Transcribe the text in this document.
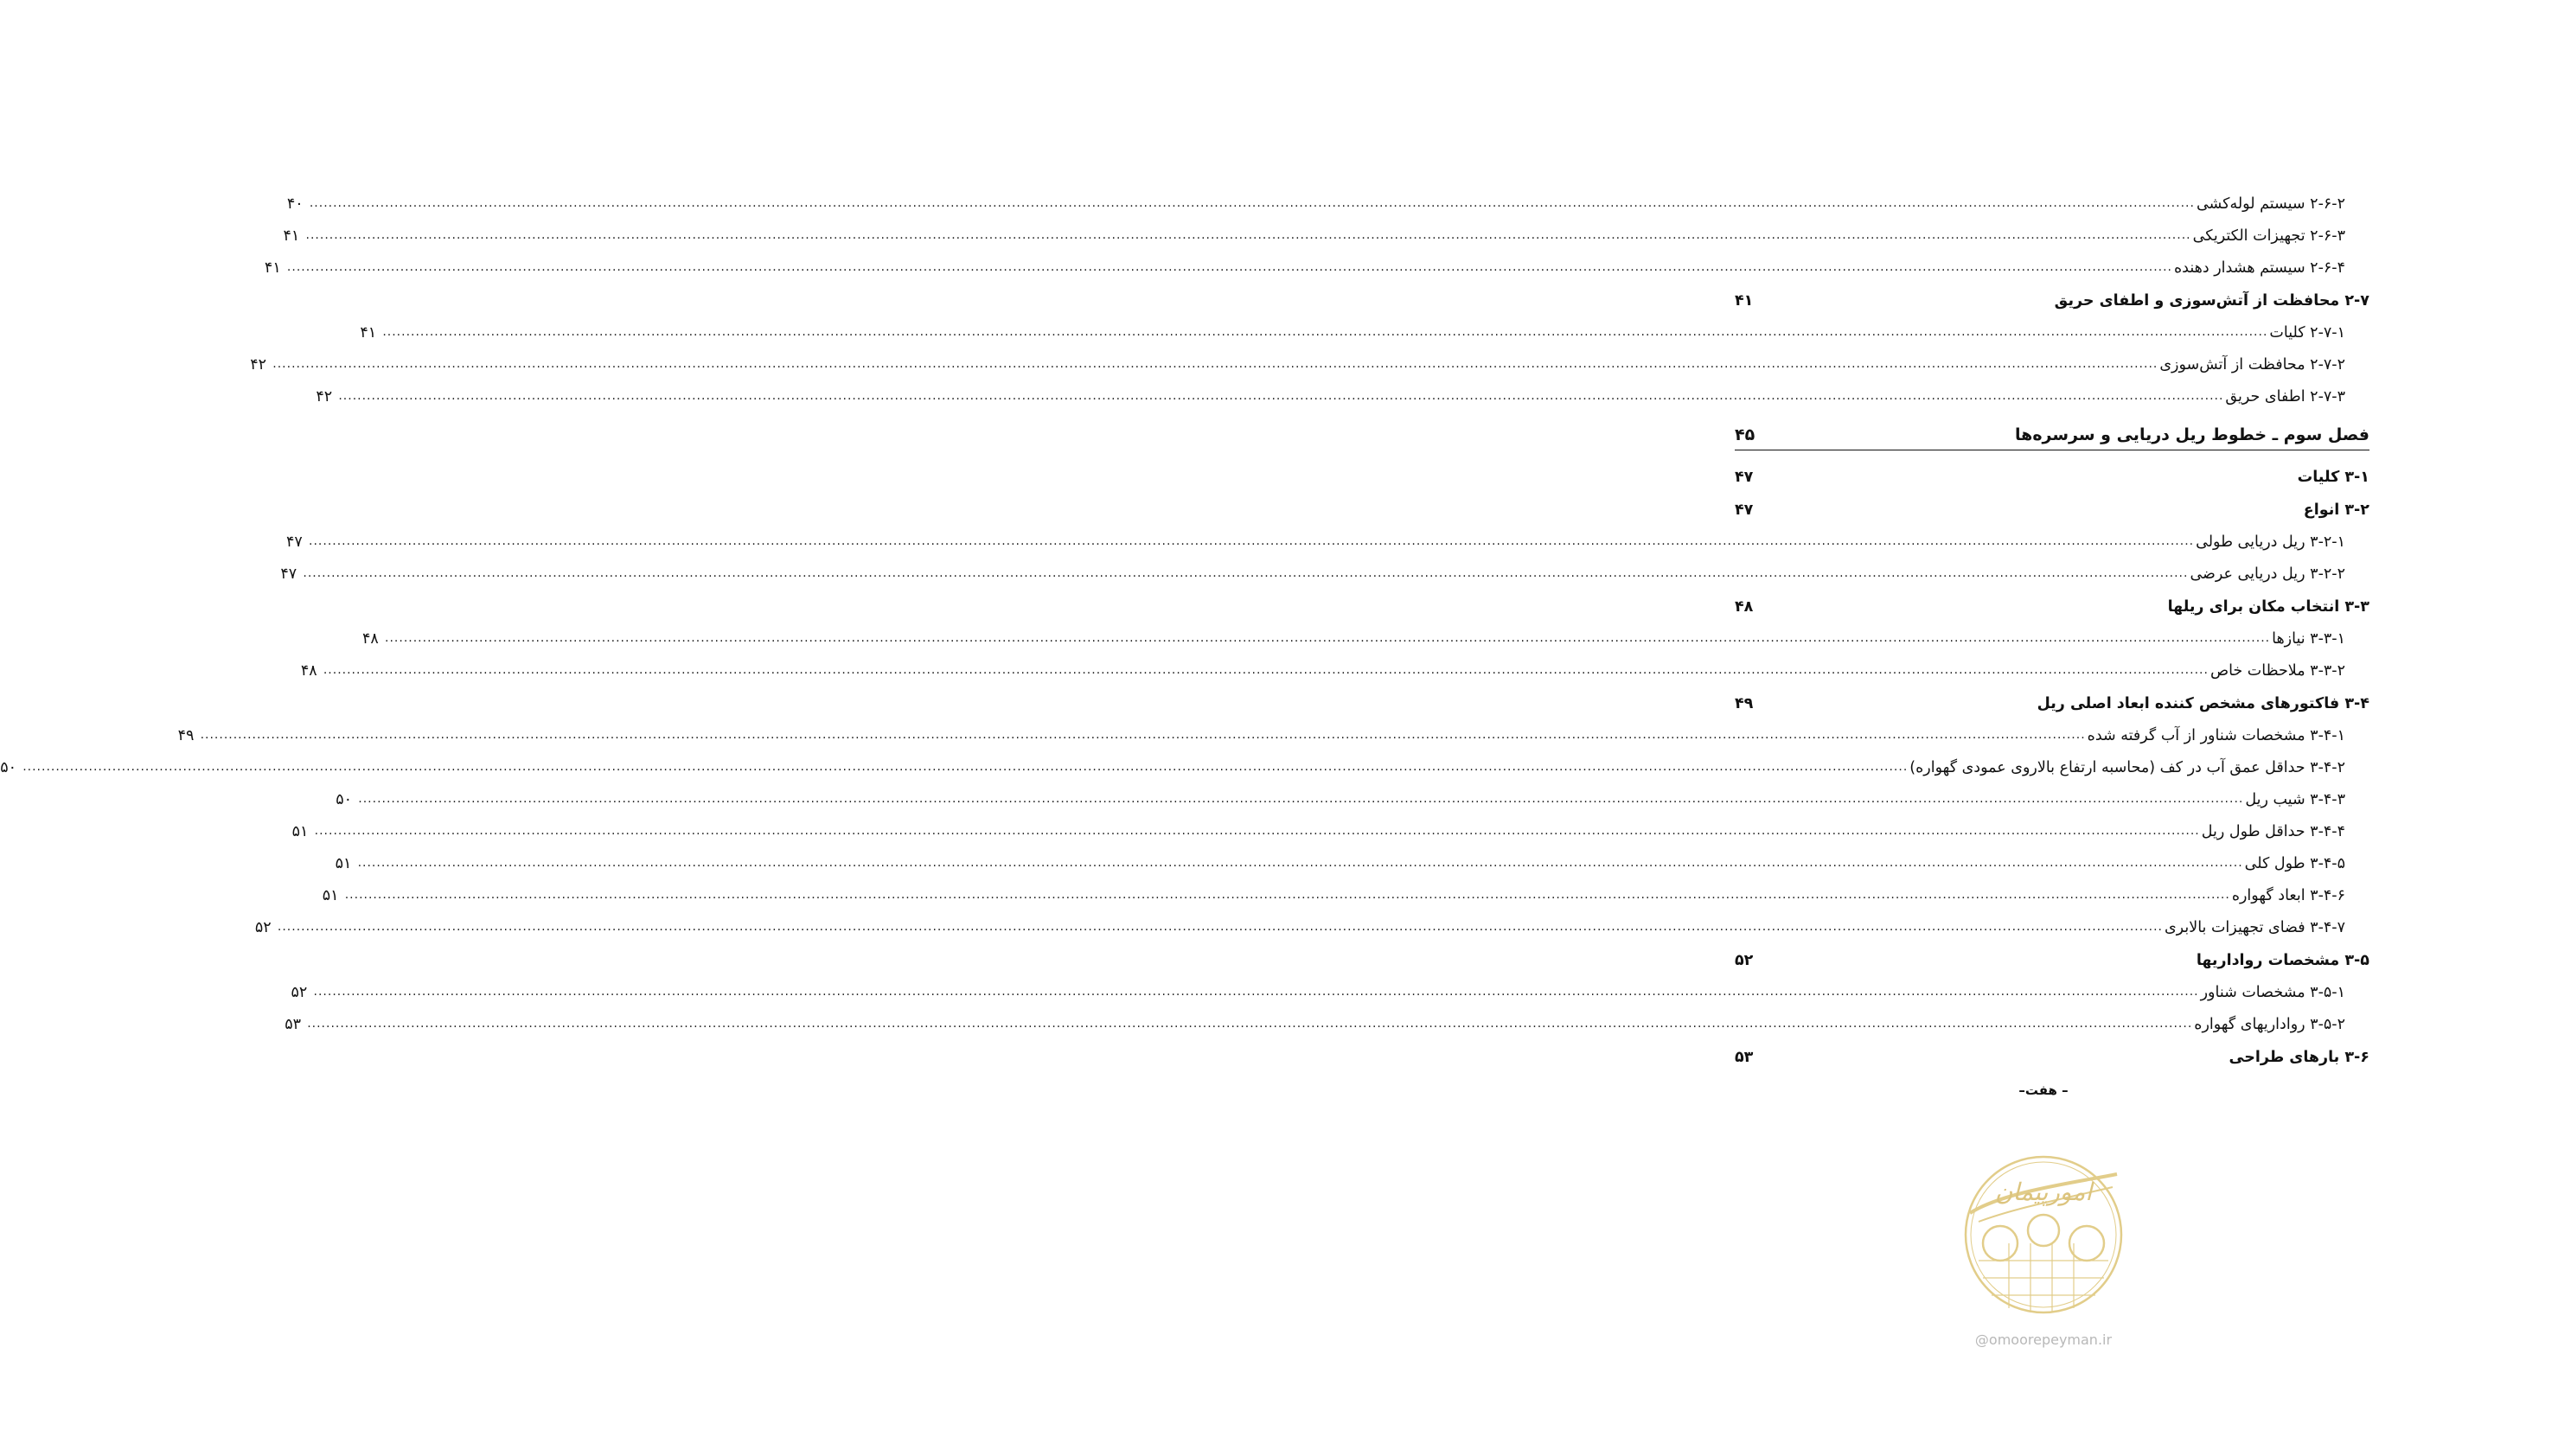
۲-۶-۲ سیستم لوله‌کشی
................................................................................................................................................................................................................................................................................................................................................................................................................
۴۰
۲-۶-۳ تجهیزات الکتریکی
................................................................................................................................................................................................................................................................................................................................................................................................................
۴۱
۲-۶-۴ سیستم هشدار دهنده
................................................................................................................................................................................................................................................................................................................................................................................................................
۴۱
۲-۷ محافظت از آتش‌سوزی و اطفای حریق
۴۱
۲-۷-۱ کلیات
................................................................................................................................................................................................................................................................................................................................................................................................................
۴۱
۲-۷-۲ محافظت از آتش‌سوزی
................................................................................................................................................................................................................................................................................................................................................................................................................
۴۲
۲-۷-۳ اطفای حریق
................................................................................................................................................................................................................................................................................................................................................................................................................
۴۲
فصل سوم ـ خطوط ریل دریایی و سرسره‌ها
۴۵
۳-۱ کلیات
۴۷
۳-۲ انواع
۴۷
۳-۲-۱ ریل دریایی طولی
................................................................................................................................................................................................................................................................................................................................................................................................................
۴۷
۳-۲-۲ ریل دریایی عرضی
................................................................................................................................................................................................................................................................................................................................................................................................................
۴۷
۳-۳ انتخاب مکان برای ریلها
۴۸
۳-۳-۱ نیازها
................................................................................................................................................................................................................................................................................................................................................................................................................
۴۸
۳-۳-۲ ملاحظات خاص
................................................................................................................................................................................................................................................................................................................................................................................................................
۴۸
۳-۴ فاکتورهای مشخص کننده ابعاد اصلی ریل
۴۹
۳-۴-۱ مشخصات شناور از آب گرفته شده
................................................................................................................................................................................................................................................................................................................................................................................................................
۴۹
۳-۴-۲ حداقل عمق آب در کف (محاسبه ارتفاع بالاروی عمودی گهواره)
................................................................................................................................................................................................................................................................................................................................................................................................................
۵۰
۳-۴-۳ شیب ریل
................................................................................................................................................................................................................................................................................................................................................................................................................
۵۰
۳-۴-۴ حداقل طول ریل
................................................................................................................................................................................................................................................................................................................................................................................................................
۵۱
۳-۴-۵ طول کلی
................................................................................................................................................................................................................................................................................................................................................................................................................
۵۱
۳-۴-۶ ابعاد گهواره
................................................................................................................................................................................................................................................................................................................................................................................................................
۵۱
۳-۴-۷ فضای تجهیزات بالابری
................................................................................................................................................................................................................................................................................................................................................................................................................
۵۲
۳-۵ مشخصات رواداریها
۵۲
۳-۵-۱ مشخصات شناور
................................................................................................................................................................................................................................................................................................................................................................................................................
۵۲
۳-۵-۲ رواداریهای گهواره
................................................................................................................................................................................................................................................................................................................................................................................................................
۵۳
۳-۶ بارهای طراحی
۵۳
– هفت–
امورپیمان
@omoorepeyman.ir
